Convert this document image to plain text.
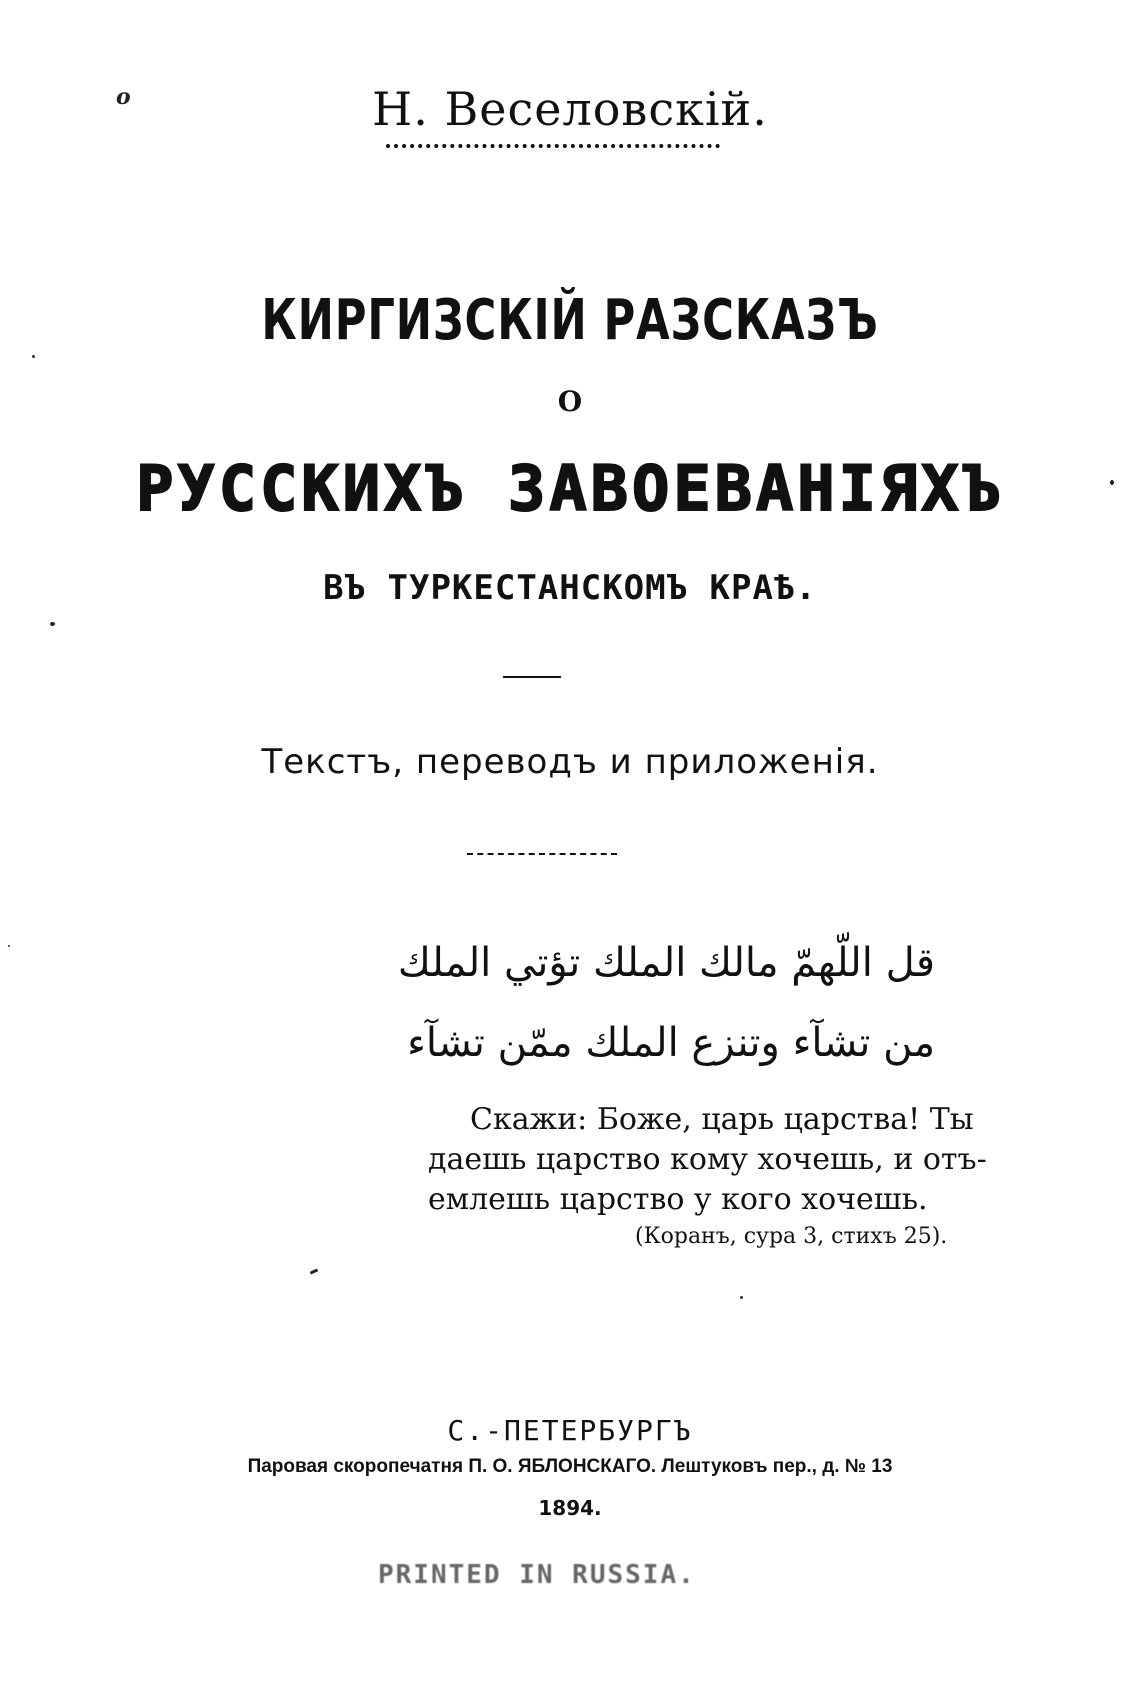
o	Н. Веселовскій.
КИРГИЗСКІЙ РАЗСКАЗЪ
О
РУССКИХЪ ЗАВОЕВАНІЯХЪ
ВЪ ТУРКЕСТАНСКОМЪ КРАѢ.
Текстъ, переводъ и приложенія.
قل اللّهمّ مالك الملك تؤتي الملك
من تشآء وتنزع الملك ممّن تشآء
Скажи: Боже, царь царства! Ты
даешь царство кому хочешь, и отъ-
емлешь царство у кого хочешь.
(Коранъ, сура 3, стихъ 25).
С.-ПЕТЕРБУРГЪ
Паровая скоропечатня П. О. ЯБЛОНСКАГО. Лештуковъ пер., д. № 13
1894.
PRINTED IN RUSSIA.
